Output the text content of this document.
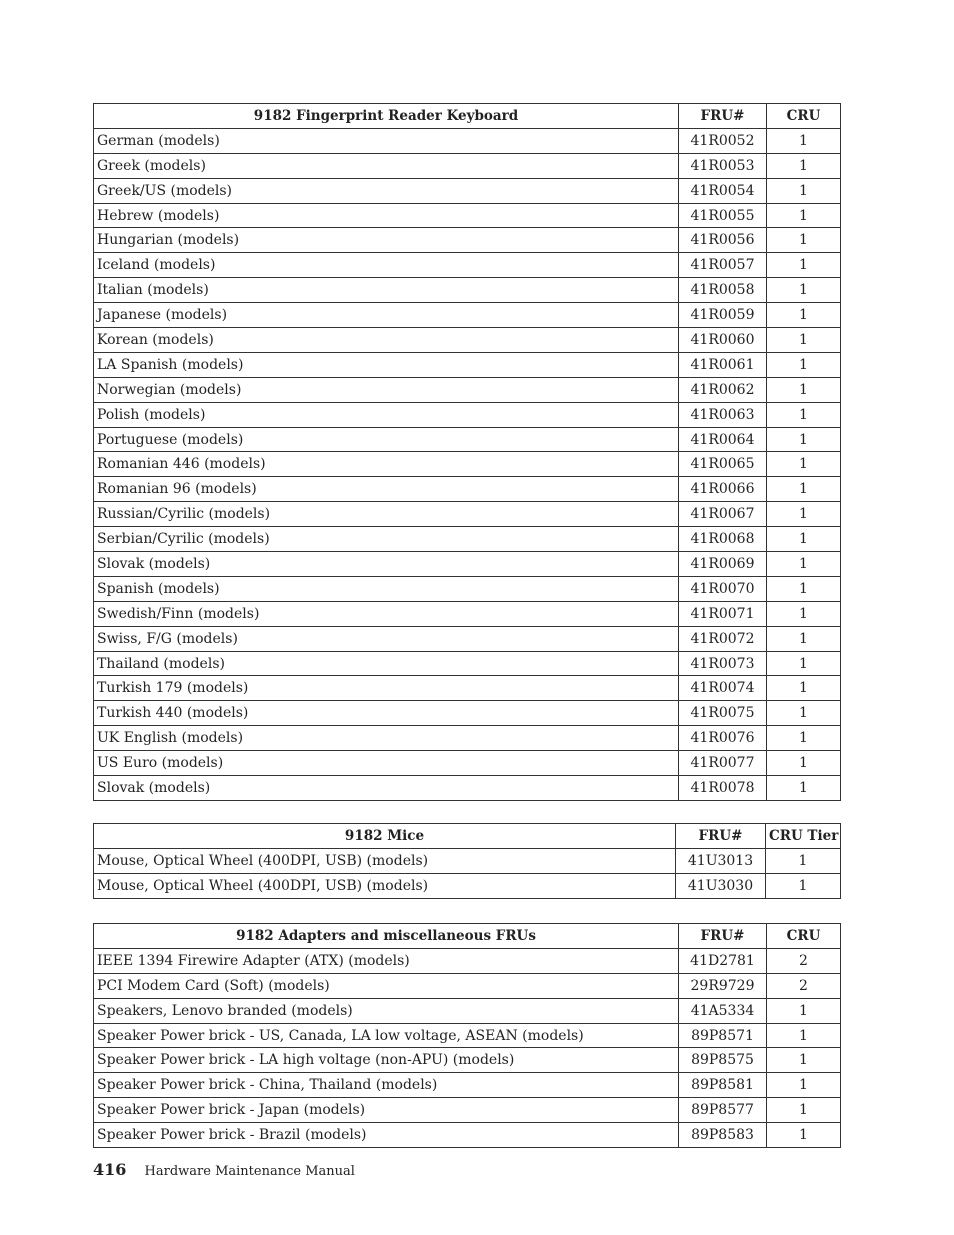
9182 Fingerprint Reader Keyboard	FRU#	CRU
German (models)	41R0052	1
Greek (models)	41R0053	1
Greek/US (models)	41R0054	1
Hebrew (models)	41R0055	1
Hungarian (models)	41R0056	1
Iceland (models)	41R0057	1
Italian (models)	41R0058	1
Japanese (models)	41R0059	1
Korean (models)	41R0060	1
LA Spanish (models)	41R0061	1
Norwegian (models)	41R0062	1
Polish (models)	41R0063	1
Portuguese (models)	41R0064	1
Romanian 446 (models)	41R0065	1
Romanian 96 (models)	41R0066	1
Russian/Cyrilic (models)	41R0067	1
Serbian/Cyrilic (models)	41R0068	1
Slovak (models)	41R0069	1
Spanish (models)	41R0070	1
Swedish/Finn (models)	41R0071	1
Swiss, F/G (models)	41R0072	1
Thailand (models)	41R0073	1
Turkish 179 (models)	41R0074	1
Turkish 440 (models)	41R0075	1
UK English (models)	41R0076	1
US Euro (models)	41R0077	1
Slovak (models)	41R0078	1
9182 Mice	FRU#	CRU Tier
Mouse, Optical Wheel (400DPI, USB) (models)	41U3013	1
Mouse, Optical Wheel (400DPI, USB) (models)	41U3030	1
9182 Adapters and miscellaneous FRUs	FRU#	CRU
IEEE 1394 Firewire Adapter (ATX) (models)	41D2781	2
PCI Modem Card (Soft) (models)	29R9729	2
Speakers, Lenovo branded (models)	41A5334	1
Speaker Power brick - US, Canada, LA low voltage, ASEAN (models)	89P8571	1
Speaker Power brick - LA high voltage (non-APU) (models)	89P8575	1
Speaker Power brick - China, Thailand (models)	89P8581	1
Speaker Power brick - Japan (models)	89P8577	1
Speaker Power brick - Brazil (models)	89P8583	1
416 Hardware Maintenance Manual
